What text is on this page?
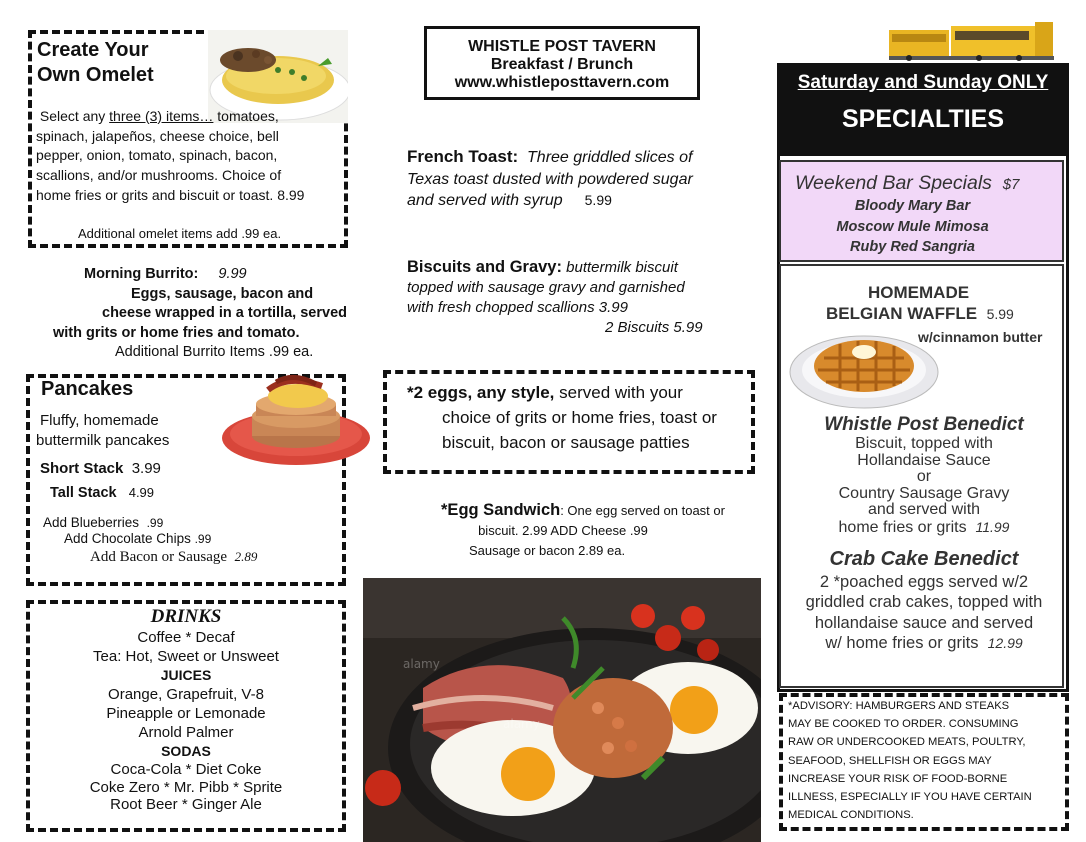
WHISTLE POST TAVERN
Breakfast / Brunch
www.whistleposttavern.com
Create Your
Own Omelet
Select any three (3) items… tomatoes,
spinach, jalapeños, cheese choice, bell
pepper, onion, tomato, spinach, bacon,
scallions, and/or mushrooms. Choice of
home fries or grits and biscuit or toast. 8.99
Additional omelet items add .99 ea.
Morning Burrito: 9.99
Eggs, sausage, bacon and
cheese wrapped in a tortilla, served
with grits or home fries and tomato.
Additional Burrito Items .99 ea.
Pancakes
Fluffy, homemade
buttermilk pancakes
Short Stack 3.99
Tall Stack 4.99
Add Blueberries .99
Add Chocolate Chips .99
Add Bacon or Sausage 2.89
DRINKS
Coffee * Decaf
Tea: Hot, Sweet or Unsweet
JUICES
Orange, Grapefruit, V-8
Pineapple or Lemonade
Arnold Palmer
SODAS
Coca-Cola * Diet Coke
Coke Zero * Mr. Pibb * Sprite
Root Beer * Ginger Ale
French Toast: Three griddled slices of
Texas toast dusted with powdered sugar
and served with syrup 5.99
Biscuits and Gravy: buttermilk biscuit
topped with sausage gravy and garnished
with fresh chopped scallions 3.99
2 Biscuits 5.99
*2 eggs, any style, served with your
choice of grits or home fries, toast or
biscuit, bacon or sausage patties
*Egg Sandwich: One egg served on toast or
biscuit. 2.99 ADD Cheese .99
Sausage or bacon 2.89 ea.
alamy
alamy
Saturday and Sunday ONLY
SPECIALTIES
Weekend Bar Specials $7
Bloody Mary Bar
Moscow Mule Mimosa
Ruby Red Sangria
HOMEMADE
BELGIAN WAFFLE 5.99
w/cinnamon butter
Whistle Post Benedict
Biscuit, topped with
Hollandaise Sauce
or
Country Sausage Gravy
and served with
home fries or grits 11.99
Crab Cake Benedict
2 *poached eggs served w/2
griddled crab cakes, topped with
hollandaise sauce and served
w/ home fries or grits 12.99
*ADVISORY: HAMBURGERS AND STEAKS
MAY BE COOKED TO ORDER. CONSUMING
RAW OR UNDERCOOKED MEATS, POULTRY,
SEAFOOD, SHELLFISH OR EGGS MAY
INCREASE YOUR RISK OF FOOD-BORNE
ILLNESS, ESPECIALLY IF YOU HAVE CERTAIN
MEDICAL CONDITIONS.
